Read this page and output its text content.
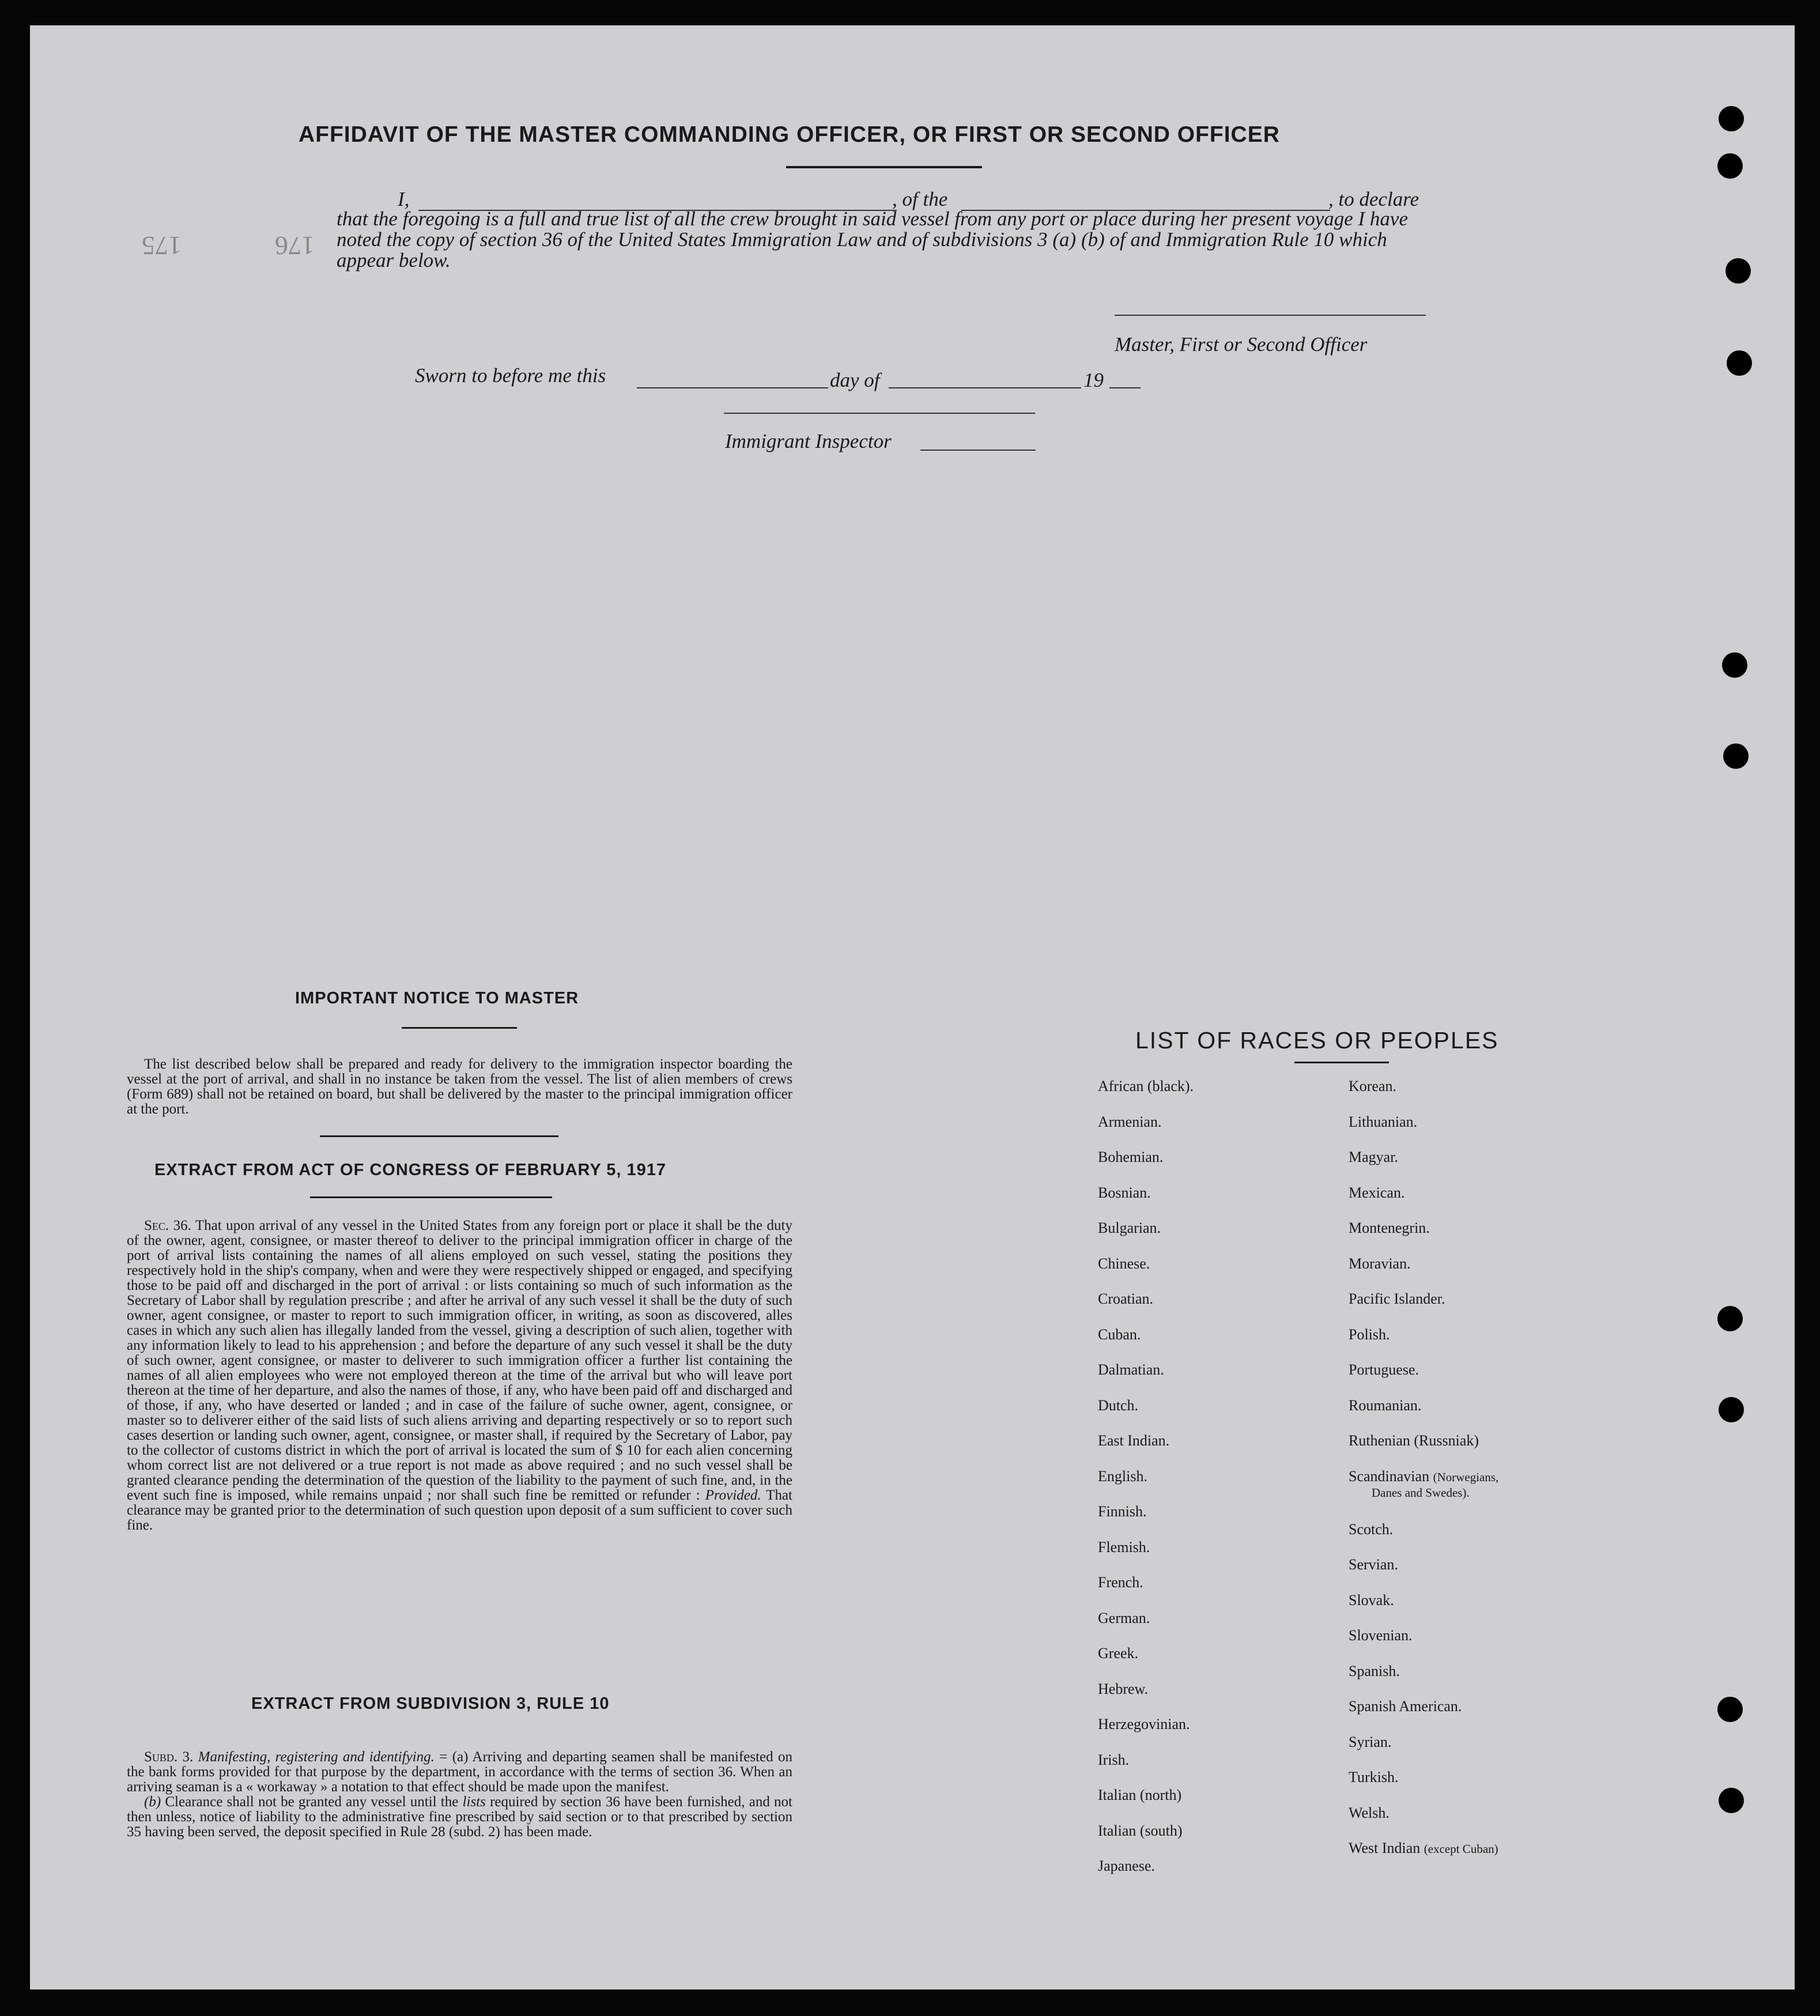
175	176
AFFIDAVIT OF THE MASTER COMMANDING OFFICER, OR FIRST OR SECOND OFFICER
I,	, of the	, to declare

that the foregoing is a full and true list of all the crew brought in said vessel from any port or place during her present voyage I have noted the copy of section 36 of the United States Immigration Law and of subdivisions 3 (a) (b) of and Immigration Rule 10 which appear below.

Master, First or Second Officer
Sworn to before me this	day of	19
Immigrant Inspector
IMPORTANT NOTICE TO MASTER

The list described below shall be prepared and ready for delivery to the immigration inspector boarding the vessel at the port of arrival, and shall in no instance be taken from the vessel. The list of alien members of crews (Form 689) shall not be retained on board, but shall be delivered by the master to the principal immigration officer at the port.

EXTRACT FROM ACT OF CONGRESS OF FEBRUARY 5, 1917

Sec. 36. That upon arrival of any vessel in the United States from any foreign port or place it shall be the duty of the owner, agent, consignee, or master thereof to deliver to the principal immigration officer in charge of the port of arrival lists containing the names of all aliens employed on such vessel, stating the positions they respectively hold in the ship's company, when and were they were respectively shipped or engaged, and specifying those to be paid off and discharged in the port of arrival : or lists containing so much of such information as the Secretary of Labor shall by regulation prescribe ; and after he arrival of any such vessel it shall be the duty of such owner, agent consignee, or master to report to such immigration officer, in writing, as soon as discovered, alles cases in which any such alien has illegally landed from the vessel, giving a description of such alien, together with any information likely to lead to his apprehension ; and before the departure of any such vessel it shall be the duty of such owner, agent consignee, or master to deliverer to such immigration officer a further list containing the names of all alien employees who were not employed thereon at the time of the arrival but who will leave port thereon at the time of her departure, and also the names of those, if any, who have been paid off and discharged and of those, if any, who have deserted or landed ; and in case of the failure of suche owner, agent, consignee, or master so to deliverer either of the said lists of such aliens arriving and departing respectively or so to report such cases desertion or landing such owner, agent, consignee, or master shall, if required by the Secretary of Labor, pay to the collector of customs district in which the port of arrival is located the sum of $ 10 for each alien concerning whom correct list are not delivered or a true report is not made as above required ; and no such vessel shall be granted clearance pending the determination of the question of the liability to the payment of such fine, and, in the event such fine is imposed, while remains unpaid ; nor shall such fine be remitted or refunder : Provided. That clearance may be granted prior to the determination of such question upon deposit of a sum sufficient to cover such fine.

EXTRACT FROM SUBDIVISION 3, RULE 10

Subd. 3. Manifesting, registering and identifying. = (a) Arriving and departing seamen shall be manifested on the bank forms provided for that purpose by the department, in accordance with the terms of section 36. When an arriving seaman is a « workaway » a notation to that effect should be made upon the manifest.

(b) Clearance shall not be granted any vessel until the lists required by section 36 have been furnished, and not then unless, notice of liability to the administrative fine prescribed by said section or to that prescribed by section 35 having been served, the deposit specified in Rule 28 (subd. 2) has been made.

LIST OF RACES OR PEOPLES
African (black).
Armenian.
Bohemian.
Bosnian.
Bulgarian.
Chinese.
Croatian.
Cuban.
Dalmatian.
Dutch.
East Indian.
English.
Finnish.
Flemish.
French.
German.
Greek.
Hebrew.
Herzegovinian.
Irish.
Italian (north)
Italian (south)
Japanese.
Korean.
Lithuanian.
Magyar.
Mexican.
Montenegrin.
Moravian.
Pacific Islander.
Polish.
Portuguese.
Roumanian.
Ruthenian (Russniak)
Scandinavian (Norwegians,
Danes and Swedes).
Scotch.
Servian.
Slovak.
Slovenian.
Spanish.
Spanish American.
Syrian.
Turkish.
Welsh.
West Indian (except Cuban)
